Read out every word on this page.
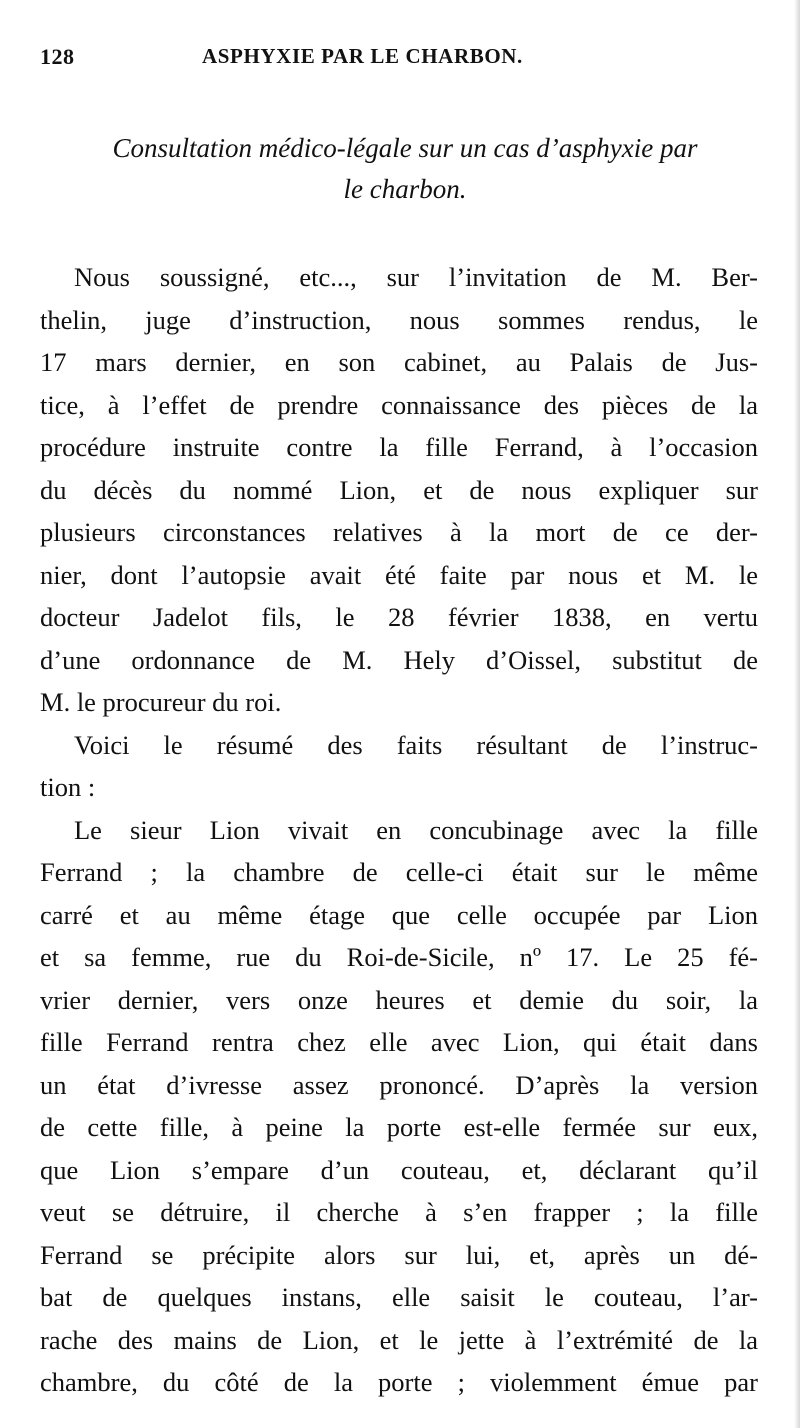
128	ASPHYXIE PAR LE CHARBON.
Consultation médico-légale sur un cas d’asphyxie par
le charbon.
Nous soussigné, etc..., sur l’invitation de M. Ber-
thelin, juge d’instruction, nous sommes rendus, le
17 mars dernier, en son cabinet, au Palais de Jus-
tice, à l’effet de prendre connaissance des pièces de la
procédure instruite contre la fille Ferrand, à l’occasion
du décès du nommé Lion, et de nous expliquer sur
plusieurs circonstances relatives à la mort de ce der-
nier, dont l’autopsie avait été faite par nous et M. le
docteur Jadelot fils, le 28 février 1838, en vertu
d’une ordonnance de M. Hely d’Oissel, substitut de
M. le procureur du roi.
Voici le résumé des faits résultant de l’instruc-
tion :
Le sieur Lion vivait en concubinage avec la fille
Ferrand ; la chambre de celle-ci était sur le même
carré et au même étage que celle occupée par Lion
et sa femme, rue du Roi-de-Sicile, nº 17. Le 25 fé-
vrier dernier, vers onze heures et demie du soir, la
fille Ferrand rentra chez elle avec Lion, qui était dans
un état d’ivresse assez prononcé. D’après la version
de cette fille, à peine la porte est-elle fermée sur eux,
que Lion s’empare d’un couteau, et, déclarant qu’il
veut se détruire, il cherche à s’en frapper ; la fille
Ferrand se précipite alors sur lui, et, après un dé-
bat de quelques instans, elle saisit le couteau, l’ar-
rache des mains de Lion, et le jette à l’extrémité de la
chambre, du côté de la porte ; violemment émue par
